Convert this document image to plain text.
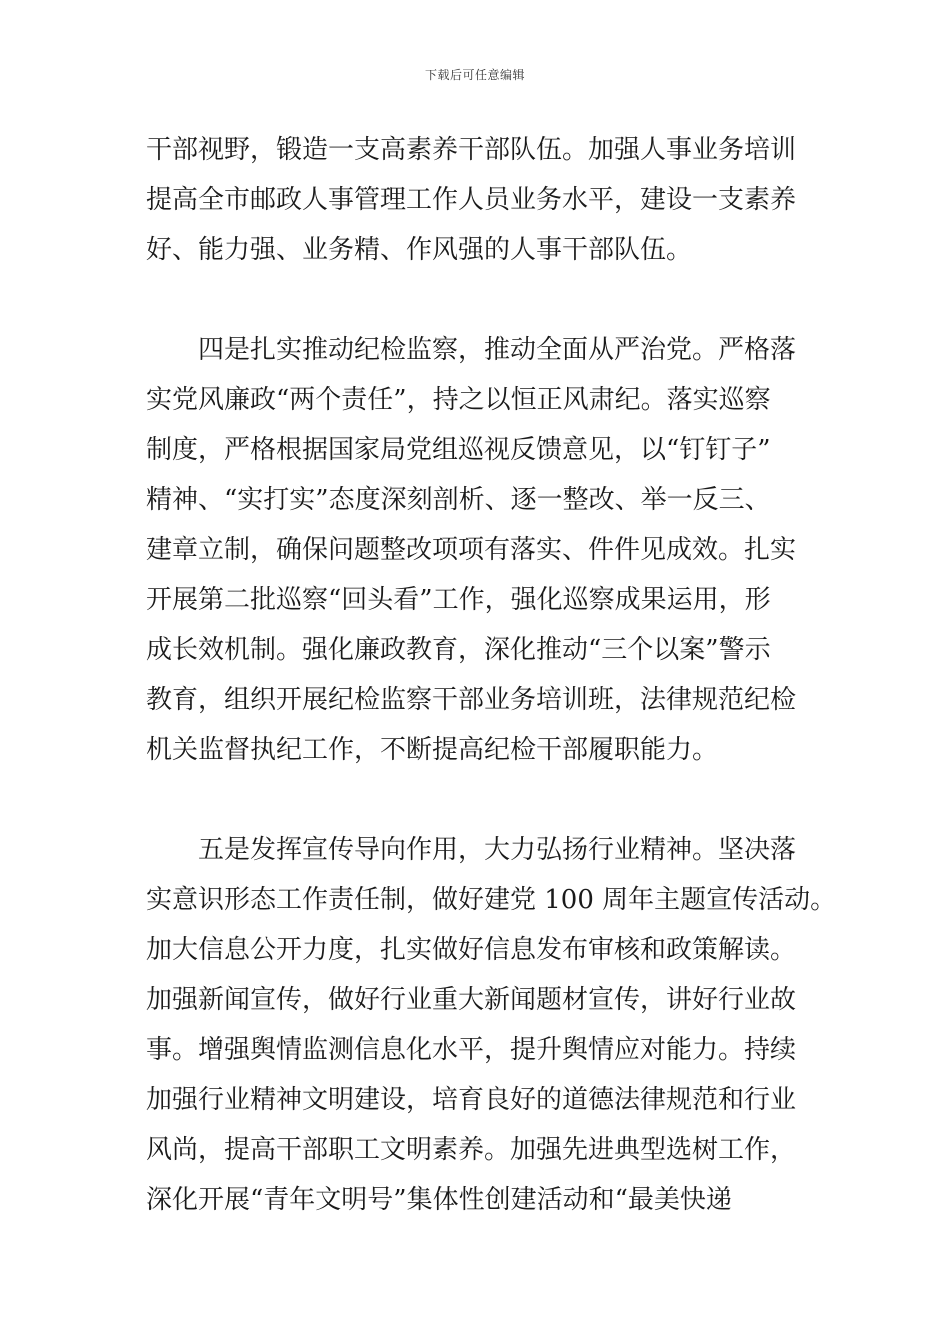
下载后可任意编辑
干部视野，锻造一支高素养干部队伍。加强人事业务培训
提高全市邮政人事管理工作人员业务水平，建设一支素养
好、能力强、业务精、作风强的人事干部队伍。
　　四是扎实推动纪检监察，推动全面从严治党。严格落
实党风廉政“两个责任”，持之以恒正风肃纪。落实巡察
制度，严格根据国家局党组巡视反馈意见，以“钉钉子”
精神、“实打实”态度深刻剖析、逐一整改、举一反三、
建章立制，确保问题整改项项有落实、件件见成效。扎实
开展第二批巡察“回头看”工作，强化巡察成果运用，形
成长效机制。强化廉政教育，深化推动“三个以案”警示
教育，组织开展纪检监察干部业务培训班，法律规范纪检
机关监督执纪工作，不断提高纪检干部履职能力。
　　五是发挥宣传导向作用，大力弘扬行业精神。坚决落
实意识形态工作责任制，做好建党 100 周年主题宣传活动。
加大信息公开力度，扎实做好信息发布审核和政策解读。
加强新闻宣传，做好行业重大新闻题材宣传，讲好行业故
事。增强舆情监测信息化水平，提升舆情应对能力。持续
加强行业精神文明建设，培育良好的道德法律规范和行业
风尚，提高干部职工文明素养。加强先进典型选树工作，
深化开展“青年文明号”集体性创建活动和“最美快递
